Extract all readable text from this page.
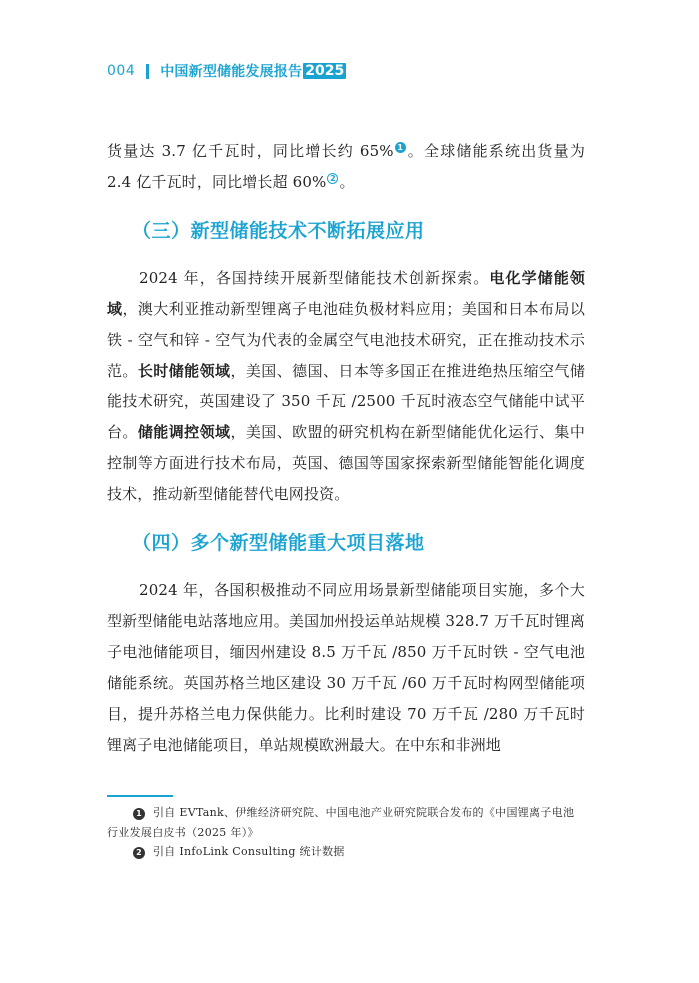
004 中国新型储能发展报告 2025

货量达 3.7 亿千瓦时，同比增长约 65% 1 。全球储能系统出货量为 2.4 亿千瓦时，同比增长超 60% 2 。

（三）新型储能技术不断拓展应用

2024 年，各国持续开展新型储能技术创新探索。电化学储能领域，澳大利亚推动新型锂离子电池硅负极材料应用；美国和日本布局以铁 - 空气和锌 - 空气为代表的金属空气电池技术研究，正在推动技术示范。长时储能领域，美国、德国、日本等多国正在推进绝热压缩空气储能技术研究，英国建设了 350 千瓦 /2500 千瓦时液态空气储能中试平台。储能调控领域，美国、欧盟的研究机构在新型储能优化运行、集中控制等方面进行技术布局，英国、德国等国家探索新型储能智能化调度技术，推动新型储能替代电网投资。

（四）多个新型储能重大项目落地

2024 年，各国积极推动不同应用场景新型储能项目实施，多个大型新型储能电站落地应用。美国加州投运单站规模 328.7 万千瓦时锂离子电池储能项目，缅因州建设 8.5 万千瓦 /850 万千瓦时铁 - 空气电池储能系统。英国苏格兰地区建设 30 万千瓦 /60 万千瓦时构网型储能项目，提升苏格兰电力保供能力。比利时建设 70 万千瓦 /280 万千瓦时锂离子电池储能项目，单站规模欧洲最大。在中东和非洲地

1 引自 EVTank、伊维经济研究院、中国电池产业研究院联合发布的《中国锂离子电池行业发展白皮书（2025 年）》

2 引自 InfoLink Consulting 统计数据
